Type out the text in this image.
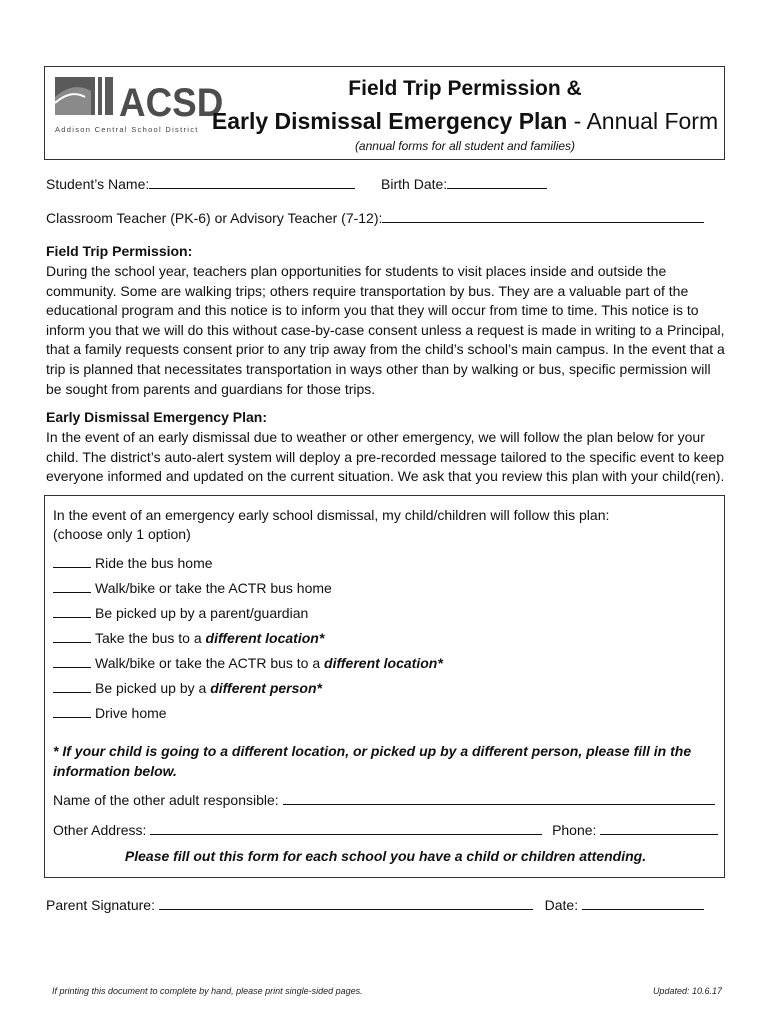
ACSD
Addison Central School District
Field Trip Permission &
Early Dismissal Emergency Plan - Annual Form
(annual forms for all student and families)
Student’s Name:	Birth Date:
Classroom Teacher (PK-6) or Advisory Teacher (7-12):
Field Trip Permission:
During the school year, teachers plan opportunities for students to visit places inside and outside the community. Some are walking trips; others require transportation by bus. They are a valuable part of the educational program and this notice is to inform you that they will occur from time to time. This notice is to inform you that we will do this without case-by-case consent unless a request is made in writing to a Principal, that a family requests consent prior to any trip away from the child’s school’s main campus. In the event that a trip is planned that necessitates transportation in ways other than by walking or bus, specific permission will be sought from parents and guardians for those trips.
Early Dismissal Emergency Plan:
In the event of an early dismissal due to weather or other emergency, we will follow the plan below for your child. The district’s auto-alert system will deploy a pre-recorded message tailored to the specific event to keep everyone informed and updated on the current situation. We ask that you review this plan with your child(ren).
In the event of an emergency early school dismissal, my child/children will follow this plan:
(choose only 1 option)
Ride the bus home
Walk/bike or take the ACTR bus home
Be picked up by a parent/guardian
Take the bus to a different location*
Walk/bike or take the ACTR bus to a different location*
Be picked up by a different person*
Drive home
* If your child is going to a different location, or picked up by a different person, please fill in the information below.
Name of the other adult responsible:
Other Address:	Phone:
Please fill out this form for each school you have a child or children attending.
Parent Signature:	Date:
If printing this document to complete by hand, please print single-sided pages.	Updated: 10.6.17
